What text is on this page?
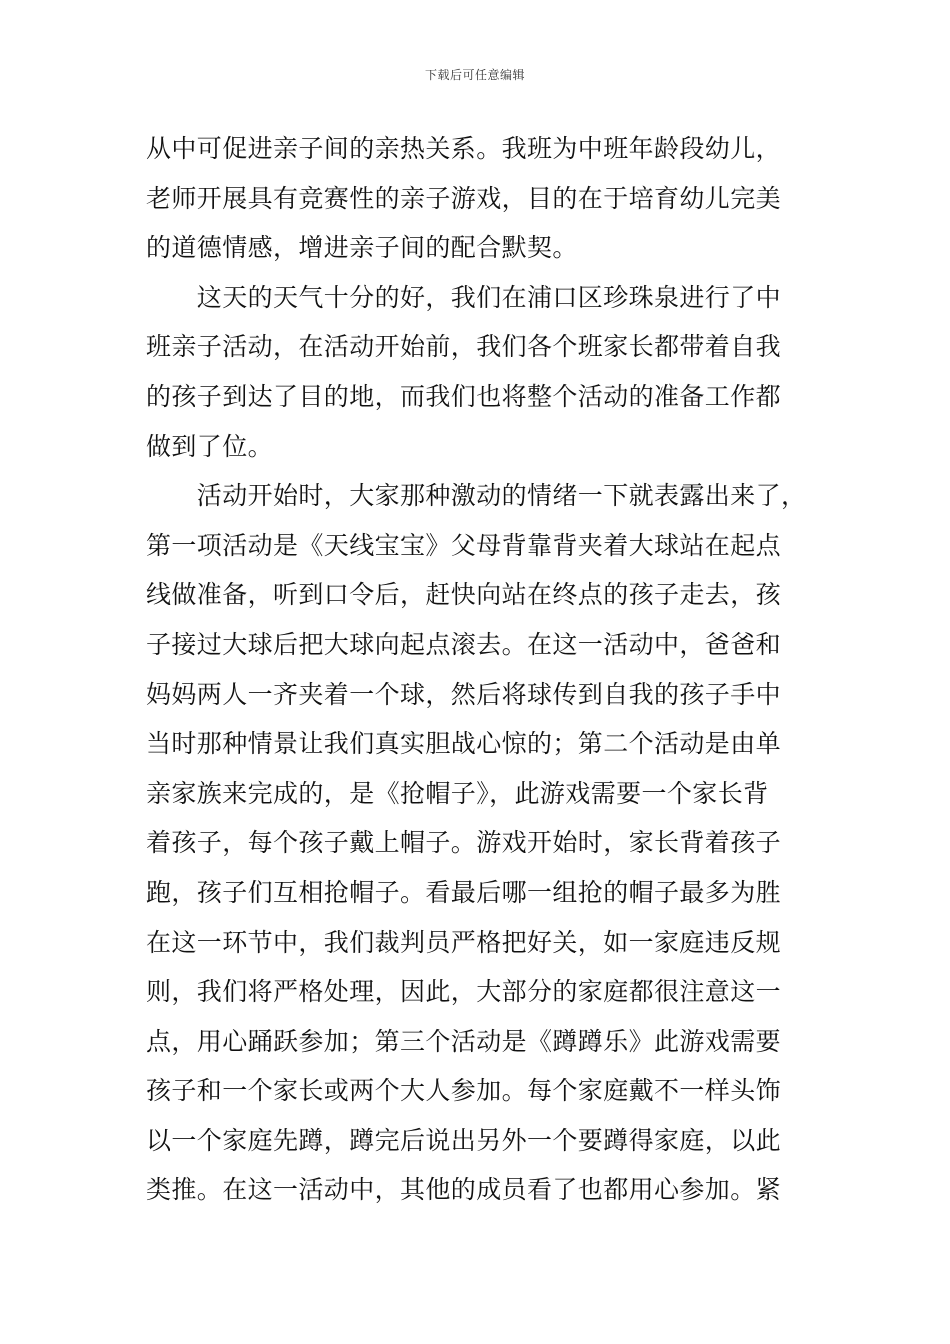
下载后可任意编辑
从中可促进亲子间的亲热关系。我班为中班年龄段幼儿，
老师开展具有竞赛性的亲子游戏，目的在于培育幼儿完美
的道德情感，增进亲子间的配合默契。
　　这天的天气十分的好，我们在浦口区珍珠泉进行了中
班亲子活动，在活动开始前，我们各个班家长都带着自我
的孩子到达了目的地，而我们也将整个活动的准备工作都
做到了位。
　　活动开始时，大家那种激动的情绪一下就表露出来了，
第一项活动是《天线宝宝》父母背靠背夹着大球站在起点
线做准备，听到口令后，赶快向站在终点的孩子走去，孩
子接过大球后把大球向起点滚去。在这一活动中，爸爸和
妈妈两人一齐夹着一个球，然后将球传到自我的孩子手中
当时那种情景让我们真实胆战心惊的；第二个活动是由单
亲家族来完成的，是《抢帽子》，此游戏需要一个家长背
着孩子，每个孩子戴上帽子。游戏开始时，家长背着孩子
跑，孩子们互相抢帽子。看最后哪一组抢的帽子最多为胜
在这一环节中，我们裁判员严格把好关，如一家庭违反规
则，我们将严格处理，因此，大部分的家庭都很注意这一
点，用心踊跃参加；第三个活动是《蹲蹲乐》此游戏需要
孩子和一个家长或两个大人参加。每个家庭戴不一样头饰
以一个家庭先蹲，蹲完后说出另外一个要蹲得家庭，以此
类推。在这一活动中，其他的成员看了也都用心参加。紧
